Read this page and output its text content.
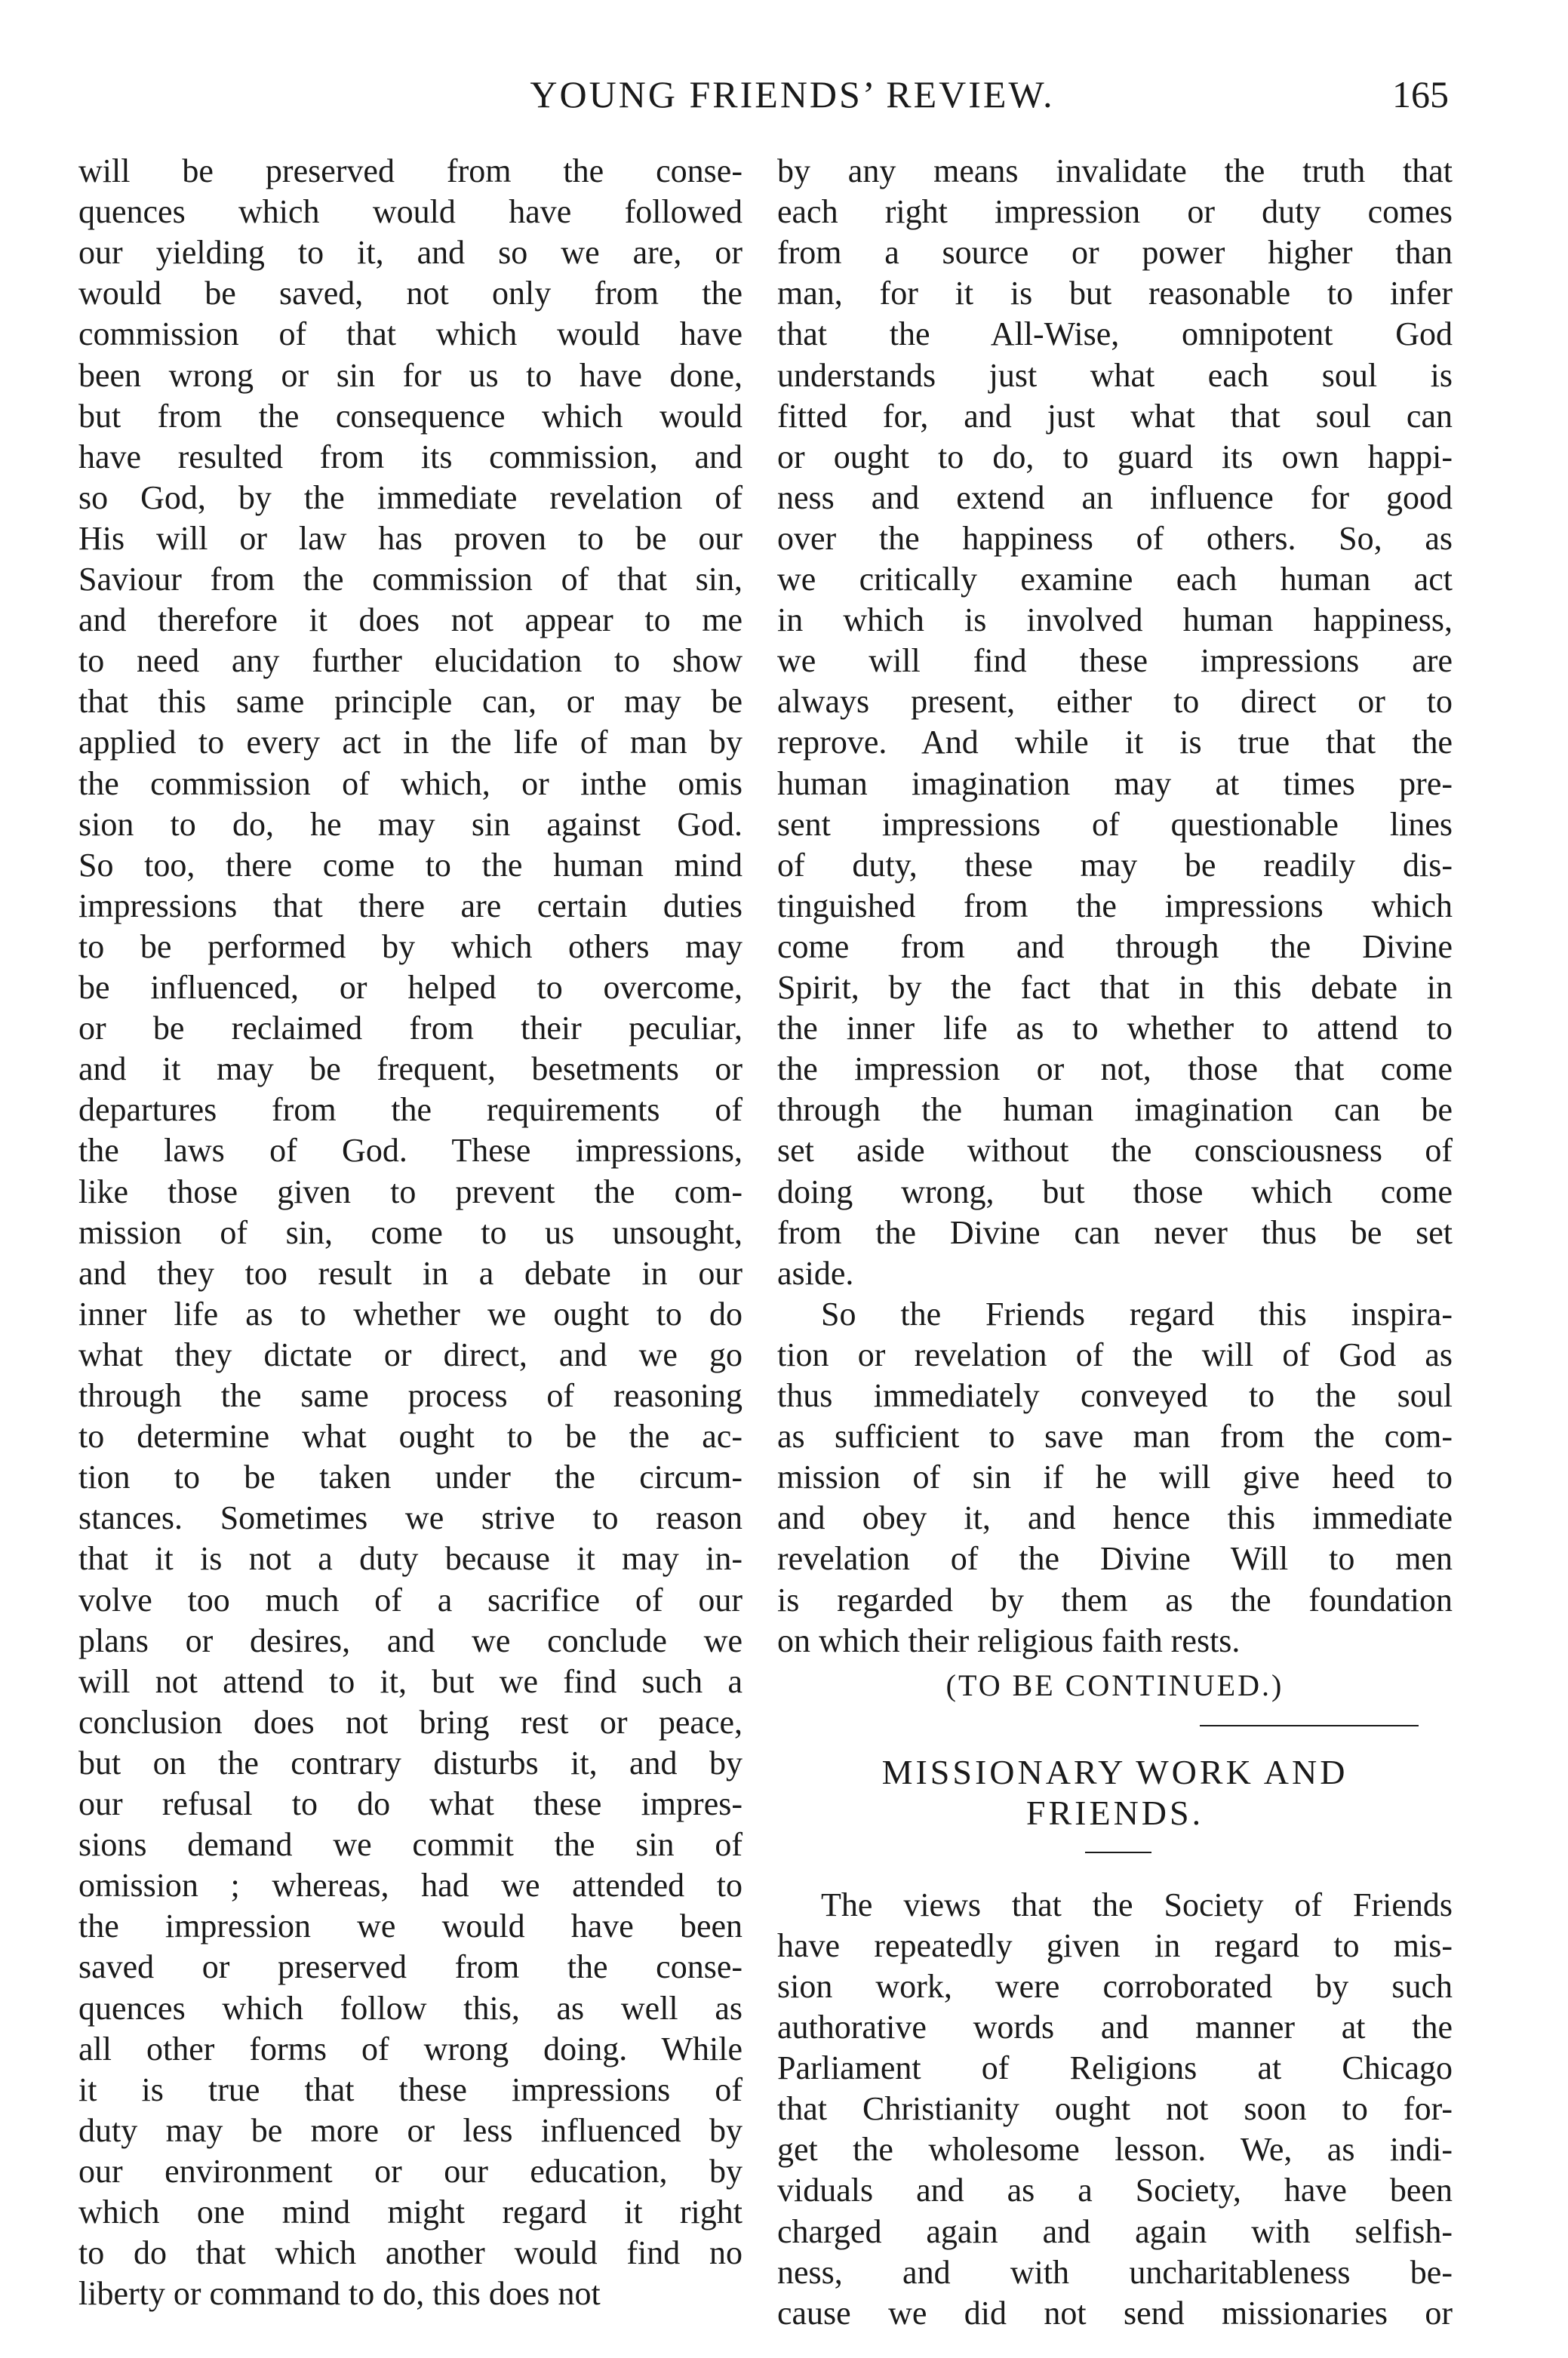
YOUNG FRIENDS’ REVIEW.	165
will be preserved from the conse-
quences which would have followed
our yielding to it, and so we are, or
would be saved, not only from the
commission of that which would have
been wrong or sin for us to have done,
but from the consequence which would
have resulted from its commission, and
so God, by the immediate revelation of
His will or law has proven to be our
Saviour from the commission of that sin,
and therefore it does not appear to me
to need any further elucidation to show
that this same principle can, or may be
applied to every act in the life of man by
the commission of which, or inthe omis
sion to do, he may sin against God.
So too, there come to the human mind
impressions that there are certain duties
to be performed by which others may
be influenced, or helped to overcome,
or be reclaimed from their peculiar,
and it may be frequent, besetments or
departures from the requirements of
the laws of God. These impressions,
like those given to prevent the com-
mission of sin, come to us unsought,
and they too result in a debate in our
inner life as to whether we ought to do
what they dictate or direct, and we go
through the same process of reasoning
to determine what ought to be the ac-
tion to be taken under the circum-
stances. Sometimes we strive to reason
that it is not a duty because it may in-
volve too much of a sacrifice of our
plans or desires, and we conclude we
will not attend to it, but we find such a
conclusion does not bring rest or peace,
but on the contrary disturbs it, and by
our refusal to do what these impres-
sions demand we commit the sin of
omission ; whereas, had we attended to
the impression we would have been
saved or preserved from the conse-
quences which follow this, as well as
all other forms of wrong doing. While
it is true that these impressions of
duty may be more or less influenced by
our environment or our education, by
which one mind might regard it right
to do that which another would find no
liberty or command to do, this does not
by any means invalidate the truth that
each right impression or duty comes
from a source or power higher than
man, for it is but reasonable to infer
that the All-Wise, omnipotent God
understands just what each soul is
fitted for, and just what that soul can
or ought to do, to guard its own happi-
ness and extend an influence for good
over the happiness of others. So, as
we critically examine each human act
in which is involved human happiness,
we will find these impressions are
always present, either to direct or to
reprove. And while it is true that the
human imagination may at times pre-
sent impressions of questionable lines
of duty, these may be readily dis-
tinguished from the impressions which
come from and through the Divine
Spirit, by the fact that in this debate in
the inner life as to whether to attend to
the impression or not, those that come
through the human imagination can be
set aside without the consciousness of
doing wrong, but those which come
from the Divine can never thus be set
aside.
So the Friends regard this inspira-
tion or revelation of the will of God as
thus immediately conveyed to the soul
as sufficient to save man from the com-
mission of sin if he will give heed to
and obey it, and hence this immediate
revelation of the Divine Will to men
is regarded by them as the foundation
on which their religious faith rests.
(TO BE CONTINUED.)
MISSIONARY WORK AND
FRIENDS.
The views that the Society of Friends
have repeatedly given in regard to mis-
sion work, were corroborated by such
authorative words and manner at the
Parliament of Religions at Chicago
that Christianity ought not soon to for-
get the wholesome lesson. We, as indi-
viduals and as a Society, have been
charged again and again with selfish-
ness, and with uncharitableness be-
cause we did not send missionaries or
